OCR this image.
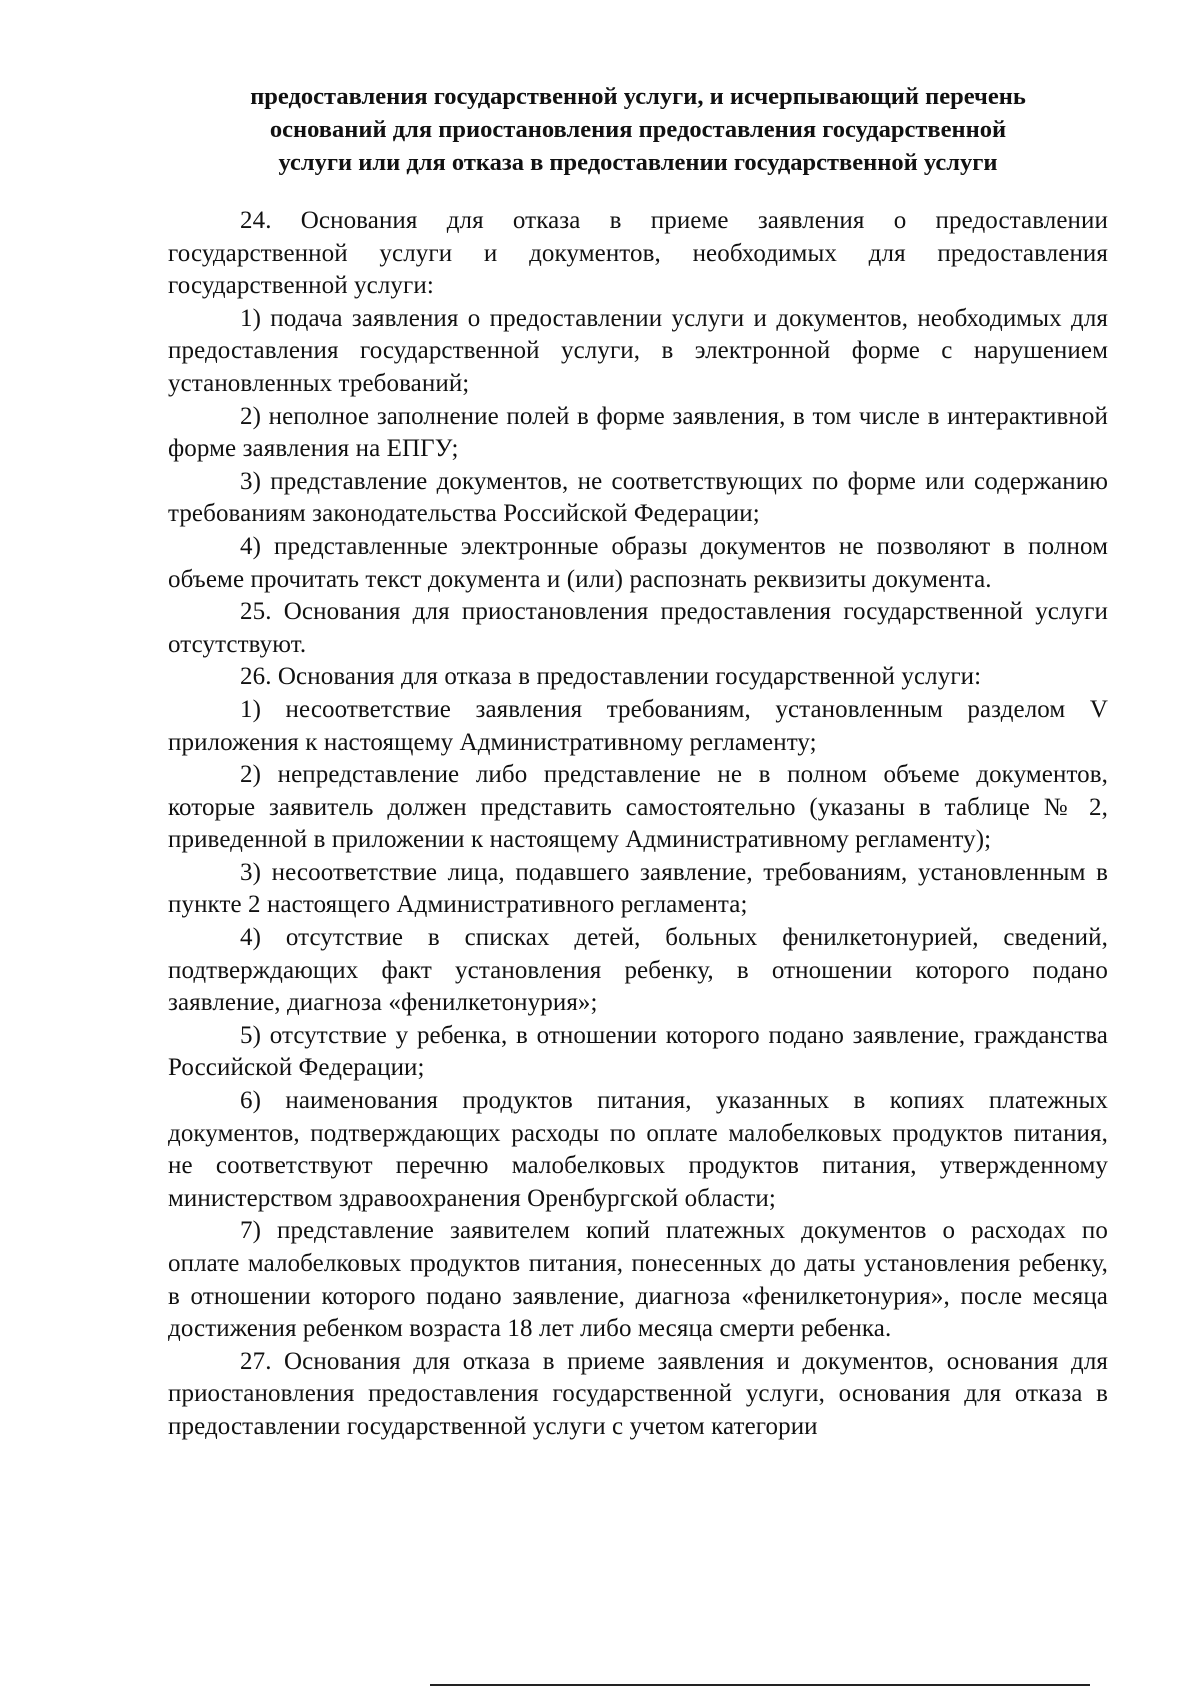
предоставления государственной услуги, и исчерпывающий перечень
оснований для приостановления предоставления государственной
услуги или для отказа в предоставлении государственной услуги

24. Основания для отказа в приеме заявления о предоставлении государственной услуги и документов, необходимых для предоставления государственной услуги:

1) подача заявления о предоставлении услуги и документов, необходимых для предоставления государственной услуги, в электронной форме с нарушением установленных требований;

2) неполное заполнение полей в форме заявления, в том числе в интерактивной форме заявления на ЕПГУ;

3) представление документов, не соответствующих по форме или содержанию требованиям законодательства Российской Федерации;

4) представленные электронные образы документов не позволяют в полном объеме прочитать текст документа и (или) распознать реквизиты документа.

25. Основания для приостановления предоставления государственной услуги отсутствуют.

26. Основания для отказа в предоставлении государственной услуги:

1) несоответствие заявления требованиям, установленным разделом V приложения к настоящему Административному регламенту;

2) непредставление либо представление не в полном объеме документов, которые заявитель должен представить самостоятельно (указаны в таблице № 2, приведенной в приложении к настоящему Административному регламенту);

3) несоответствие лица, подавшего заявление, требованиям, установленным в пункте 2 настоящего Административного регламента;

4) отсутствие в списках детей, больных фенилкетонурией, сведений, подтверждающих факт установления ребенку, в отношении которого подано заявление, диагноза «фенилкетонурия»;

5) отсутствие у ребенка, в отношении которого подано заявление, гражданства Российской Федерации;

6) наименования продуктов питания, указанных в копиях платежных документов, подтверждающих расходы по оплате малобелковых продуктов питания, не соответствуют перечню малобелковых продуктов питания, утвержденному министерством здравоохранения Оренбургской области;

7) представление заявителем копий платежных документов о расходах по оплате малобелковых продуктов питания, понесенных до даты установления ребенку, в отношении которого подано заявление, диагноза «фенилкетонурия», после месяца достижения ребенком возраста 18 лет либо месяца смерти ребенка.

27. Основания для отказа в приеме заявления и документов, основания для приостановления предоставления государственной услуги, основания для отказа в предоставлении государственной услуги с учетом категории
